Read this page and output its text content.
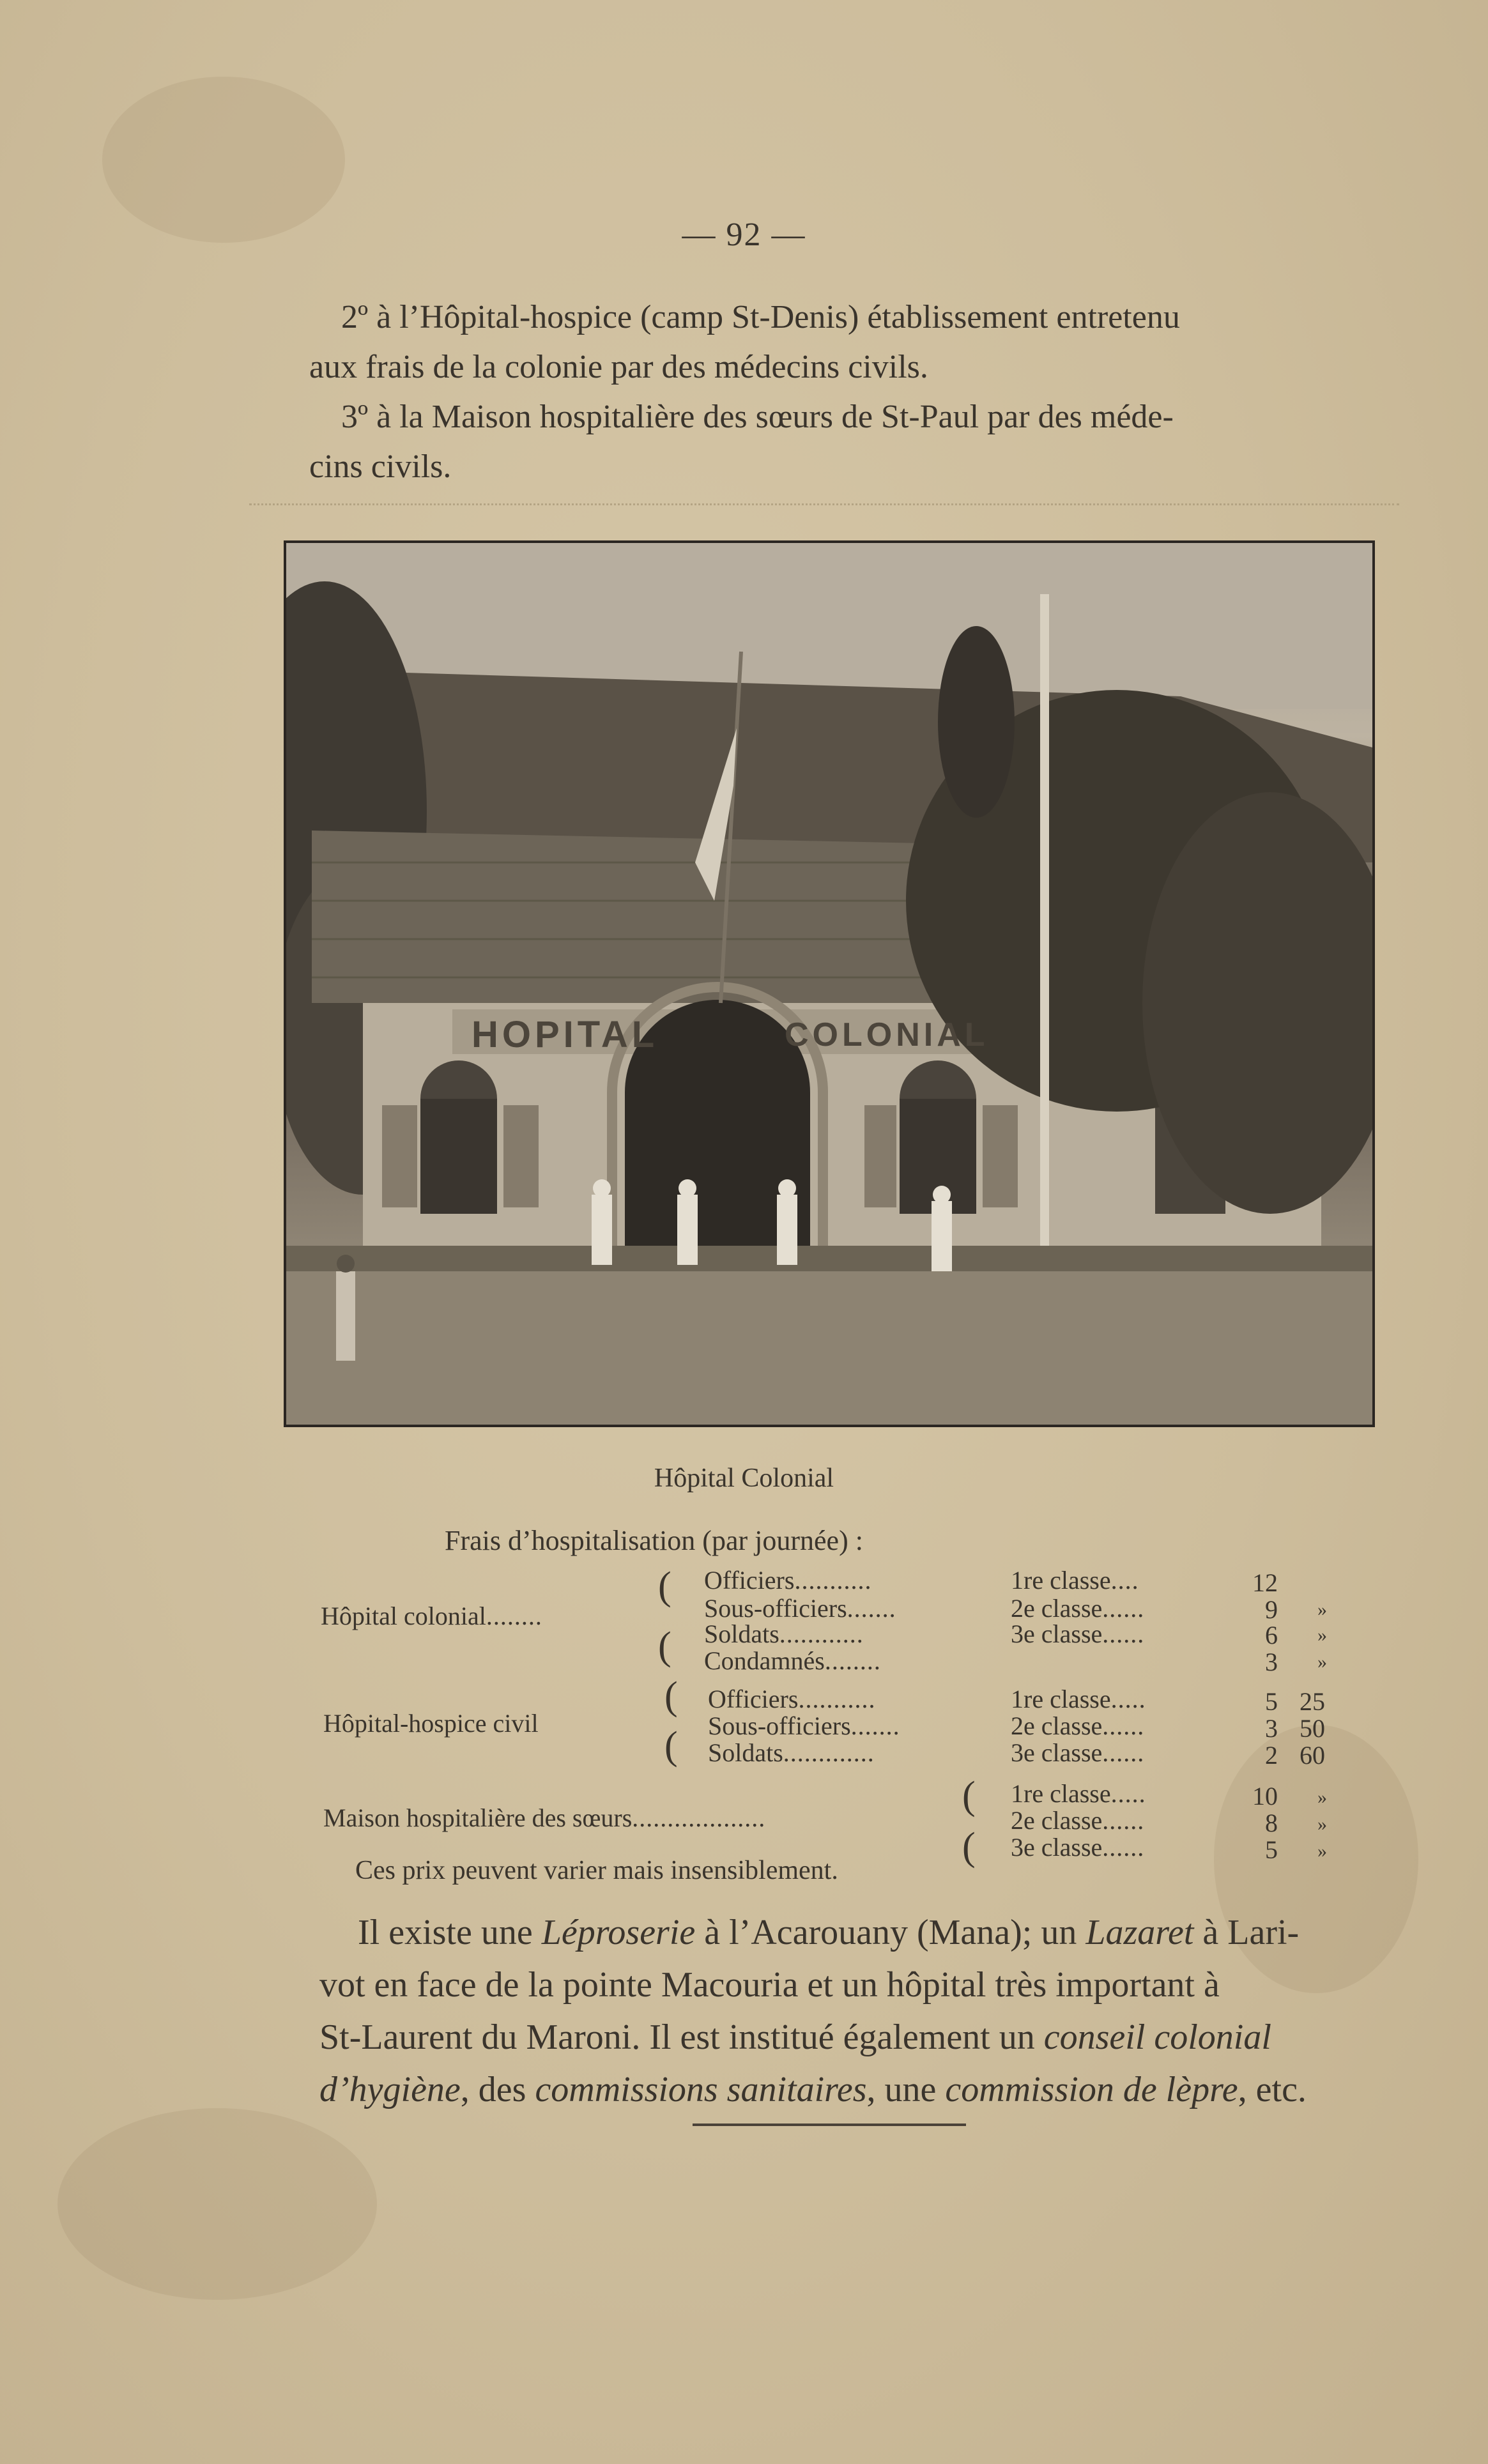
— 92 —
2º à l’Hôpital-hospice (camp St-Denis) établissement entretenu
aux frais de la colonie par des médecins civils.
3º à la Maison hospitalière des sœurs de St-Paul par des méde-
cins civils.
HOPITAL	COLONIAL
Hôpital Colonial
Frais d’hospitalisation (par journée) :
Hôpital colonial........
(
(
Officiers...........
Sous-officiers.......
Soldats............
Condamnés........
1re classe....
2e classe......
3e classe......
12
9
6
3
»
»
»
Hôpital-hospice civil
(
(
Officiers...........
Sous-officiers.......
Soldats.............
1re classe.....
2e classe......
3e classe......
5
3
2
25
50
60
Maison hospitalière des sœurs...................
(
(
1re classe.....
2e classe......
3e classe......
10
8
5
»
»
»
Ces prix peuvent varier mais insensiblement.
Il existe une Léproserie à l’Acarouany (Mana); un Lazaret à Lari-
vot en face de la pointe Macouria et un hôpital très important à
St-Laurent du Maroni. Il est institué également un conseil colonial
d’hygiène, des commissions sanitaires, une commission de lèpre, etc.
